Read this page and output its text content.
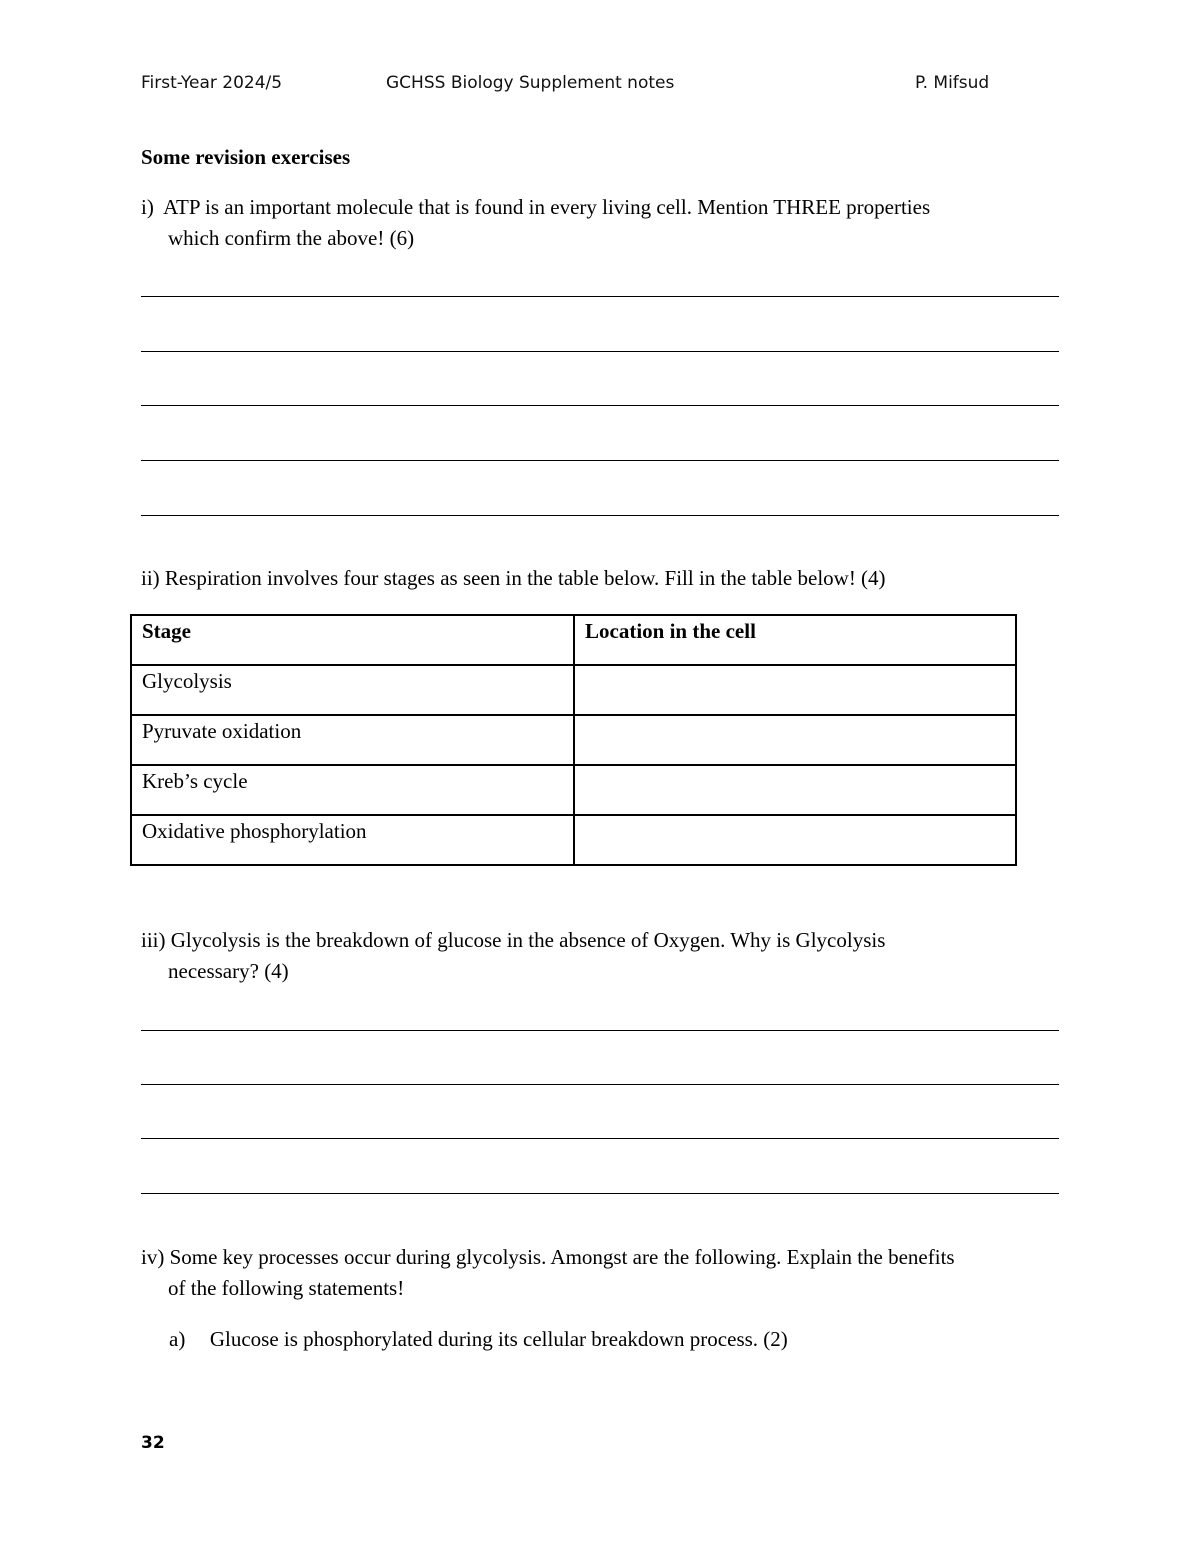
First-Year 2024/5	GCHSS Biology Supplement notes	P. Mifsud
Some revision exercises
i) ATP is an important molecule that is found in every living cell. Mention THREE properties
which confirm the above! (6)
ii) Respiration involves four stages as seen in the table below. Fill in the table below! (4)
Stage	Location in the cell
Glycolysis	
Pyruvate oxidation	
Kreb’s cycle	
Oxidative phosphorylation	
iii) Glycolysis is the breakdown of glucose in the absence of Oxygen. Why is Glycolysis
necessary? (4)
iv) Some key processes occur during glycolysis. Amongst are the following. Explain the benefits
of the following statements!
a) Glucose is phosphorylated during its cellular breakdown process. (2)
32
